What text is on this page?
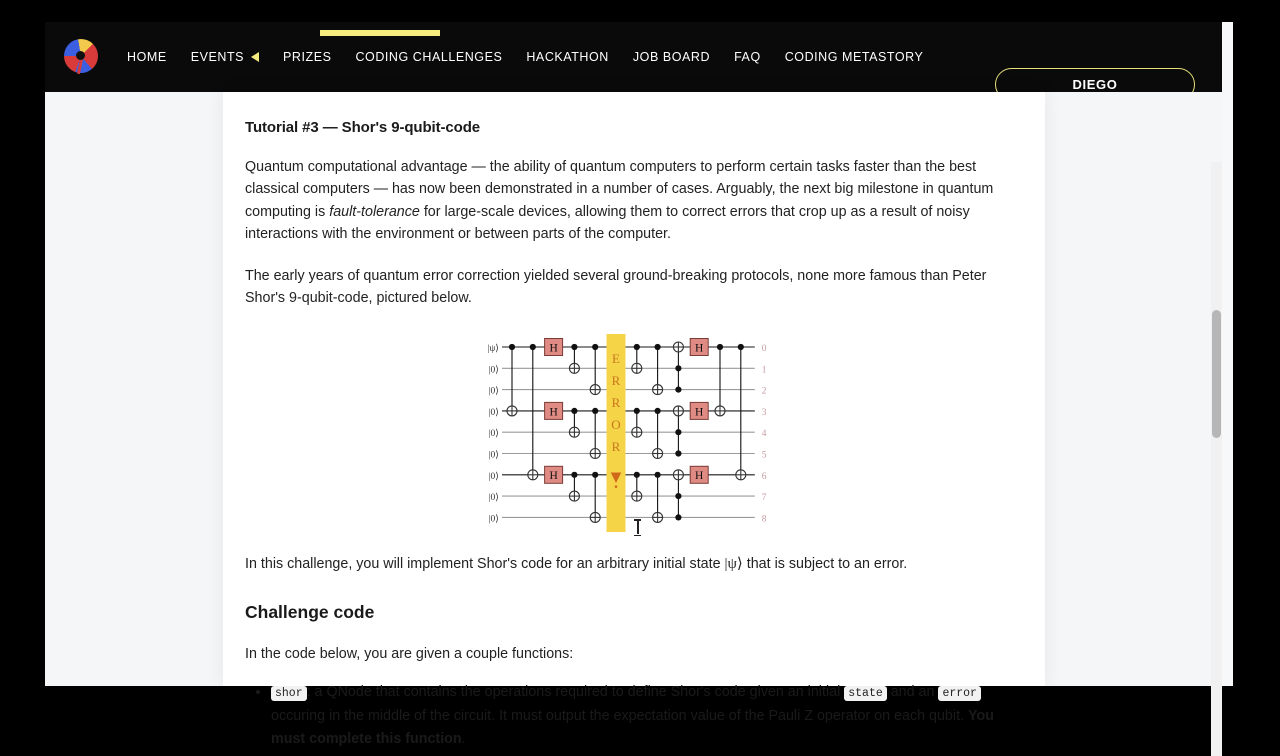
HOME	EVENTS	PRIZES	CODING CHALLENGES	HACKATHON	JOB BOARD	FAQ	CODING METASTORY
DIEGO
Tutorial #3 — Shor's 9-qubit-code

Quantum computational advantage — the ability of quantum computers to perform certain tasks faster than the best classical computers — has now been demonstrated in a number of cases. Arguably, the next big milestone in quantum computing is fault-tolerance for large-scale devices, allowing them to correct errors that crop up as a result of noisy interactions with the environment or between parts of the computer.

The early years of quantum error correction yielded several ground-breaking protocols, none more famous than Peter Shor's 9-qubit-code, pictured below.

H
H
H
H
H
H
E
R
R
O
R
|ψ⟩
|0⟩
|0⟩
|0⟩
|0⟩
|0⟩
|0⟩
|0⟩
|0⟩
0
1
2
3
4
5
6
7
8

In this challenge, you will implement Shor's code for an arbitrary initial state |ψ⟩ that is subject to an error.

Challenge code

In the code below, you are given a couple functions:

• shor : a QNode that contains the operations required to define Shor's code given an initial state and an error occuring in the middle of the circuit. It must output the expectation value of the Pauli Z operator on each qubit. You must complete this function.
